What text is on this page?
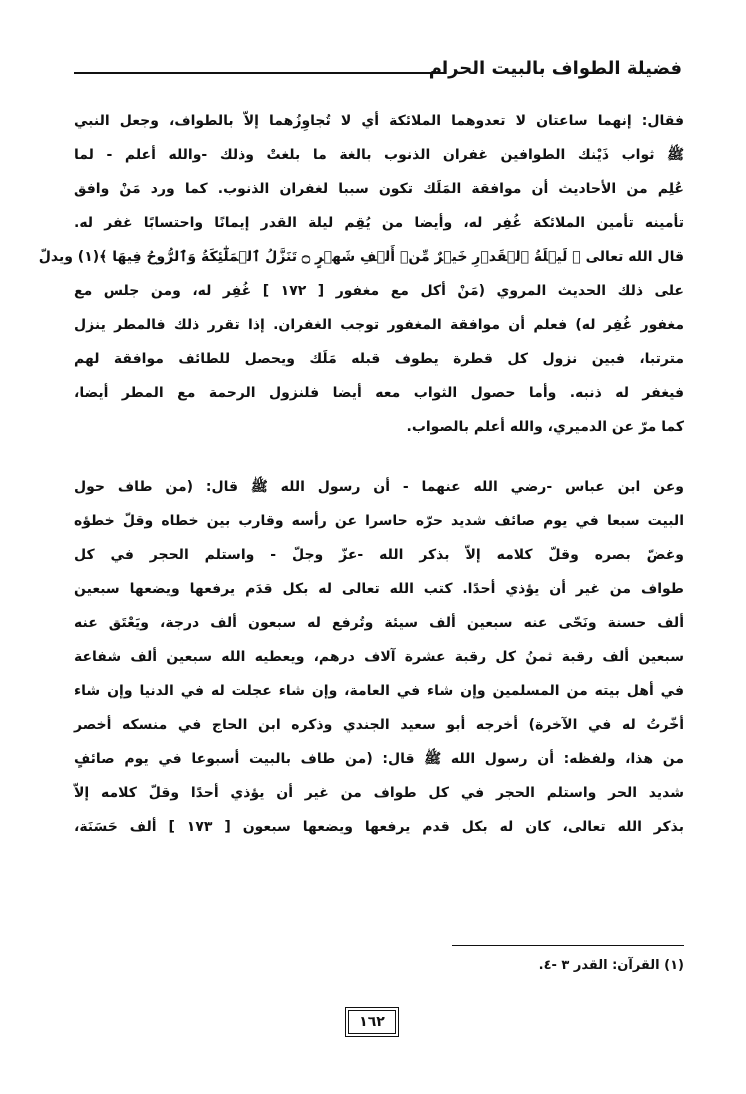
فضيلة الطواف بالبيت الحرام
فقال: إنهما ساعتان لا تعدوهما الملائكة أي لا تُجاوِزُهما إلاّ بالطواف، وجعل النبي
ﷺ ثواب ذَيْنك الطوافين غفران الذنوب بالغة ما بلغتْ وذلك -والله أعلم - لما
عُلِم من الأحاديث أن موافقة المَلَك تكون سببا لغفران الذنوب. كما ورد مَنْ وافق
تأمينه تأمين الملائكة غُفِر له، وأيضا من يُقِم ليلة القدر إيمانًا واحتسابًا غفر له.
قال الله تعالى ﴿ لَيۡلَةُ ٱلۡقَدۡرِ خَيۡرٌ مِّنۡ أَلۡفِ شَهۡرٍ ۝ تَنَزَّلُ ٱلۡمَلَٰٓئِكَةُ وَٱلرُّوحُ فِيهَا ﴾(١) ويدلّ
على ذلك الحديث المروي (مَنْ أكل مع مغفور [ ١٧٢ ] غُفِر له، ومن جلس مع
مغفور غُفِر له) فعلم أن موافقة المغفور توجب الغفران. إذا تقرر ذلك فالمطر ينزل
مترتبا، فبين نزول كل قطرة يطوف قبله مَلَك ويحصل للطائف موافقة لهم
فيغفر له ذنبه. وأما حصول الثواب معه أيضا فلنزول الرحمة مع المطر أيضا،
كما مرّ عن الدميري، والله أعلم بالصواب.
وعن ابن عباس -رضي الله عنهما - أن رسول الله ﷺ قال: (من طاف حول
البيت سبعا في يوم صائف شديد حرّه حاسرا عن رأسه وقارب بين خطاه وقلّ خطؤه
وغضّ بصره وقلّ كلامه إلاّ بذكر الله -عزّ وجلّ - واستلم الحجر في كل
طواف من غير أن يؤذي أحدًا. كتب الله تعالى له بكل قدَم يرفعها ويضعها سبعين
ألف حسنة ونَحّى عنه سبعين ألف سيئة وتُرفع له سبعون ألف درجة، ويَعْتَق عنه
سبعين ألف رقبة ثمنُ كل رقبة عشرة آلاف درهم، ويعطيه الله سبعين ألف شفاعة
في أهل بيته من المسلمين وإن شاء في العامة، وإن شاء عجلت له في الدنيا وإن شاء
أخّرتُ له في الآخرة) أخرجه أبو سعيد الجندي وذكره ابن الحاج في منسكه أخصر
من هذا، ولفظه: أن رسول الله ﷺ قال: (من طاف بالبيت أسبوعا في يوم صائفٍ
شديد الحر واستلم الحجر في كل طواف من غير أن يؤذي أحدًا وقلّ كلامه إلاّ
بذكر الله تعالى، كان له بكل قدم يرفعها ويضعها سبعون [ ١٧٣ ] ألف حَسَنَة،
(١) القرآن: القدر ٣ -٤.
١٦٢
